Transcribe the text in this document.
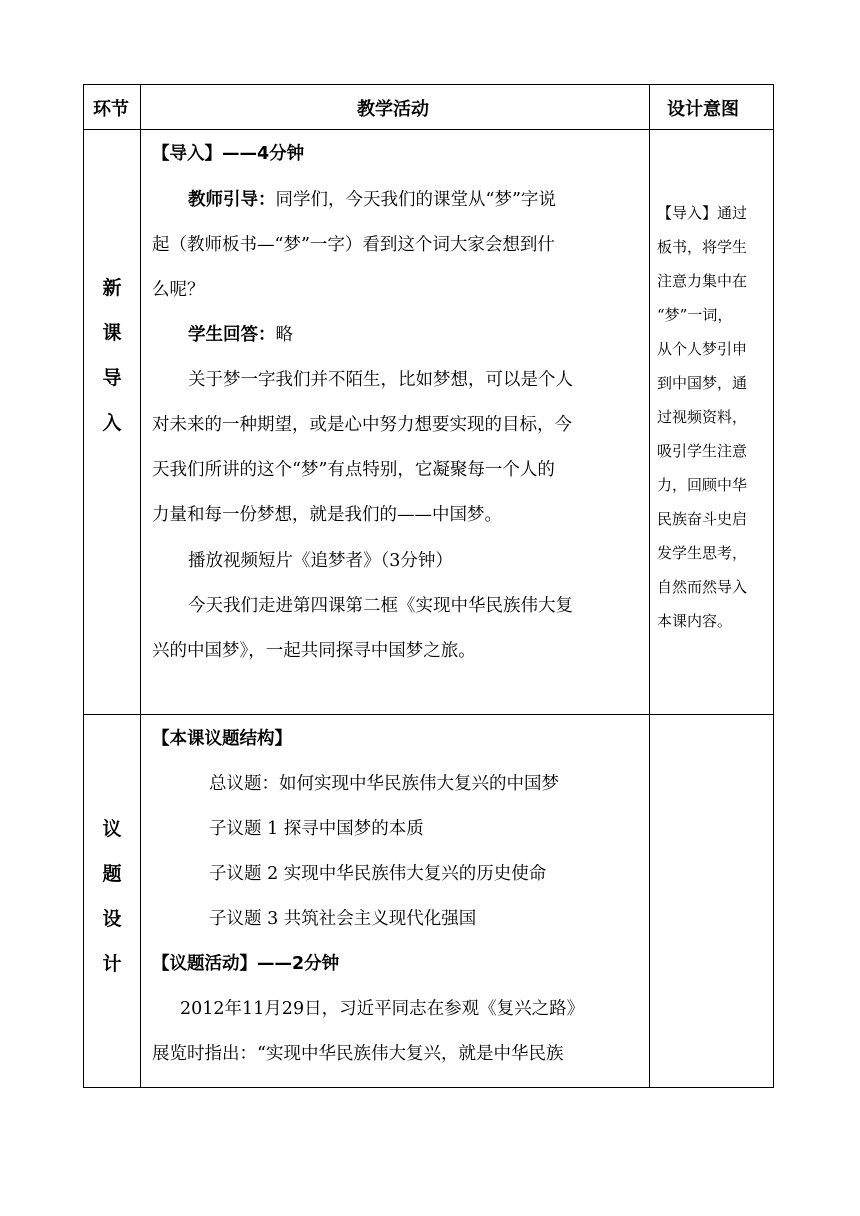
环节	教学活动	设计意图
新
课
导
入
【导入】——4分钟
教师引导：同学们，今天我们的课堂从“梦”字说
起（教师板书—“梦”一字）看到这个词大家会想到什
么呢？
学生回答：略
关于梦一字我们并不陌生，比如梦想，可以是个人
对未来的一种期望，或是心中努力想要实现的目标，今
天我们所讲的这个“梦”有点特别，它凝聚每一个人的
力量和每一份梦想，就是我们的——中国梦。
播放视频短片《追梦者》（3分钟）
今天我们走进第四课第二框《实现中华民族伟大复
兴的中国梦》，一起共同探寻中国梦之旅。
【导入】通过
板书，将学生
注意力集中在
“梦”一词，
从个人梦引申
到中国梦，通
过视频资料，
吸引学生注意
力，回顾中华
民族奋斗史启
发学生思考，
自然而然导入
本课内容。
议
题
设
计
【本课议题结构】
总议题：如何实现中华民族伟大复兴的中国梦
子议题 1 探寻中国梦的本质
子议题 2 实现中华民族伟大复兴的历史使命
子议题 3 共筑社会主义现代化强国
【议题活动】——2分钟
2012年11月29日，习近平同志在参观《复兴之路》
展览时指出：“实现中华民族伟大复兴，就是中华民族
